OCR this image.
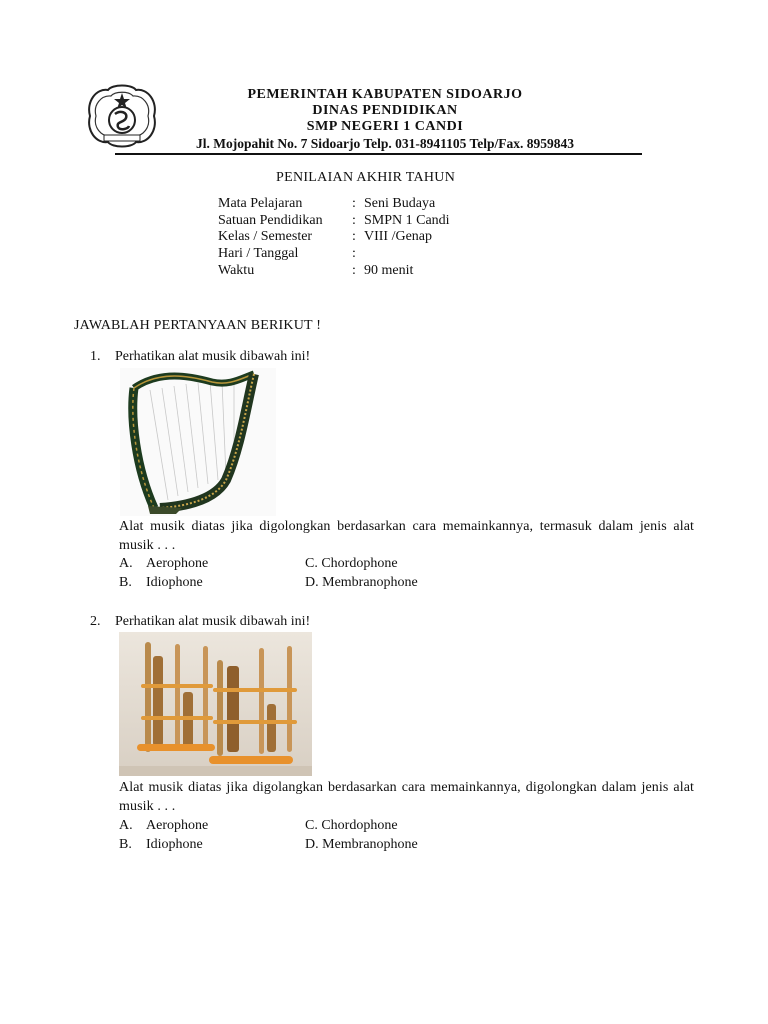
PEMERINTAH KABUPATEN SIDOARJO
DINAS PENDIDIKAN
SMP NEGERI 1 CANDI
Jl. Mojopahit No. 7 Sidoarjo Telp. 031-8941105 Telp/Fax. 8959843
PENILAIAN AKHIR TAHUN
Mata Pelajaran	: Seni Budaya
Satuan Pendidikan	: SMPN 1 Candi
Kelas / Semester	: VIII /Genap
Hari / Tanggal	:
Waktu	: 90 menit
JAWABLAH PERTANYAAN BERIKUT !
1. Perhatikan alat musik dibawah ini!
Alat musik diatas jika digolongkan berdasarkan cara memainkannya, termasuk dalam jenis alat musik . . .
A. Aerophone	C. Chordophone
B. Idiophone	D. Membranophone
2. Perhatikan alat musik dibawah ini!
Alat musik diatas jika digolangkan berdasarkan cara memainkannya, digolongkan dalam jenis alat musik . . .
A. Aerophone	C. Chordophone
B. Idiophone	D. Membranophone
